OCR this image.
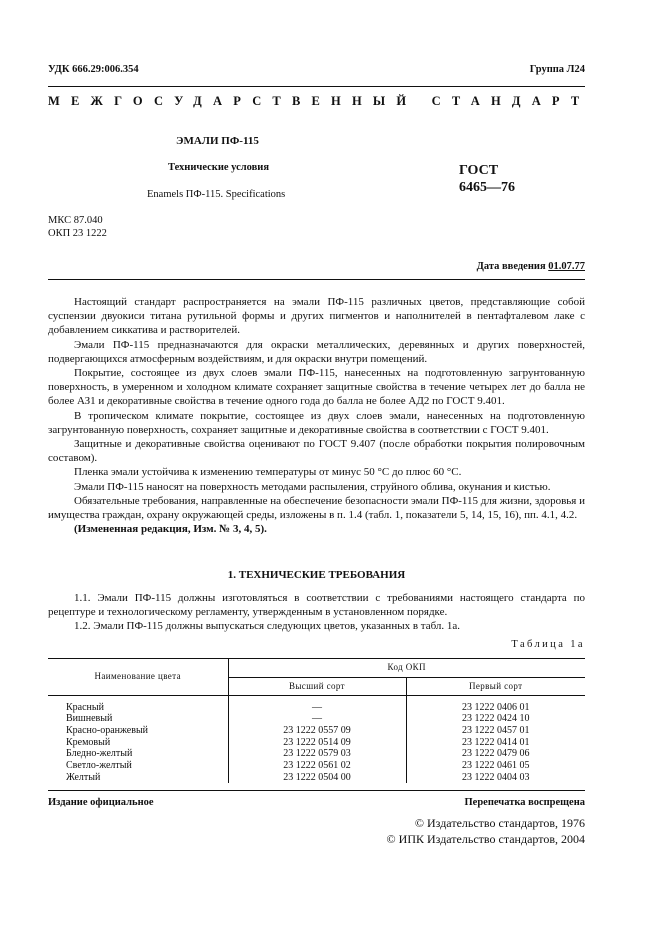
УДК 666.29:006.354	Группа Л24
МЕЖГОСУДАРСТВЕННЫЙ СТАНДАРТ
ЭМАЛИ ПФ-115
Технические условия
Enamels ПФ-115. Specifications
ГОСТ
6465—76
МКС 87.040
ОКП 23 1222
Дата введения 01.07.77

Настоящий стандарт распространяется на эмали ПФ-115 различных цветов, представляющие собой суспензии двуокиси титана рутильной формы и других пигментов и наполнителей в пентафталевом лаке с добавлением сиккатива и растворителей.

Эмали ПФ-115 предназначаются для окраски металлических, деревянных и других поверхностей, подвергающихся атмосферным воздействиям, и для окраски внутри помещений.

Покрытие, состоящее из двух слоев эмали ПФ-115, нанесенных на подготовленную загрунтованную поверхность, в умеренном и холодном климате сохраняет защитные свойства в течение четырех лет до балла не более АЗ1 и декоративные свойства в течение одного года до балла не более АД2 по ГОСТ 9.401.

В тропическом климате покрытие, состоящее из двух слоев эмали, нанесенных на подготовленную загрунтованную поверхность, сохраняет защитные и декоративные свойства в соответствии с ГОСТ 9.401.

Защитные и декоративные свойства оценивают по ГОСТ 9.407 (после обработки покрытия полировочным составом).

Пленка эмали устойчива к изменению температуры от минус 50 °С до плюс 60 °С.

Эмали ПФ-115 наносят на поверхность методами распыления, струйного облива, окунания и кистью.

Обязательные требования, направленные на обеспечение безопасности эмали ПФ-115 для жизни, здоровья и имущества граждан, охрану окружающей среды, изложены в п. 1.4 (табл. 1, показатели 5, 14, 15, 16), пп. 4.1, 4.2.

(Измененная редакция, Изм. № 3, 4, 5).

1. ТЕХНИЧЕСКИЕ ТРЕБОВАНИЯ

1.1. Эмали ПФ-115 должны изготовляться в соответствии с требованиями настоящего стандарта по рецептуре и технологическому регламенту, утвержденным в установленном порядке.

1.2. Эмали ПФ-115 должны выпускаться следующих цветов, указанных в табл. 1а.

Таблица 1а
Наименование цвета	Код ОКП	
	Высший сорт	Первый сорт

Красный	—	23 1222 0406 01
Вишневый	—	23 1222 0424 10
Красно-оранжевый	23 1222 0557 09	23 1222 0457 01
Кремовый	23 1222 0514 09	23 1222 0414 01
Бледно-желтый	23 1222 0579 03	23 1222 0479 06
Светло-желтый	23 1222 0561 02	23 1222 0461 05
Желтый	23 1222 0504 00	23 1222 0404 03
Издание официальное	Перепечатка воспрещена
© Издательство стандартов, 1976
© ИПК Издательство стандартов, 2004
